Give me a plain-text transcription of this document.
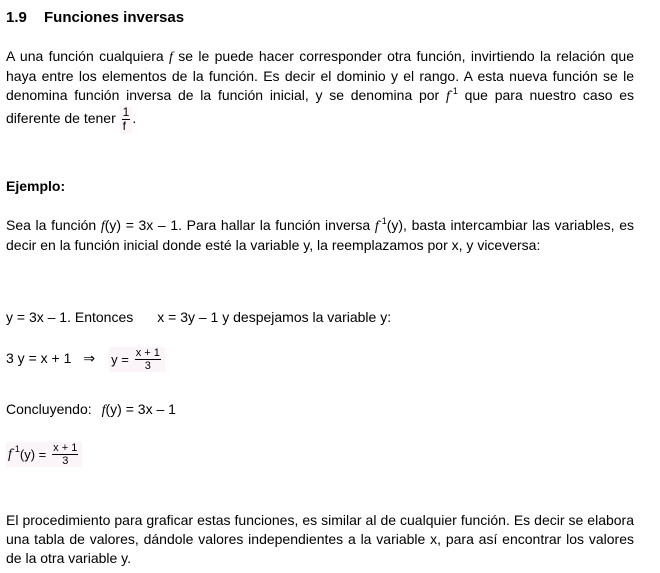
1.9 Funciones inversas
A una función cualquiera f se le puede hacer corresponder otra función, invirtiendo la relación que haya entre los elementos de la función. Es decir el dominio y el rango. A esta nueva función se le denomina función inversa de la función inicial, y se denomina por $f^{-1}$ que para nuestro caso es diferente de tener $\frac{1}{f}$ .
Ejemplo:
Sea la función f(y) = 3x – 1. Para hallar la función inversa $f^{-1}(y)$, basta intercambiar las variables, es decir en la función inicial donde esté la variable y, la reemplazamos por x, y viceversa:
y = 3x – 1. Entonces x = 3y – 1 y despejamos la variable y:
3 y = x + 1 ⇒ $y = \frac{x + 1}{3}$
Concluyendo: f(y) = 3x – 1
$f^{-1}(y) = \frac{x + 1}{3}$
El procedimiento para graficar estas funciones, es similar al de cualquier función. Es decir se elabora una tabla de valores, dándole valores independientes a la variable x, para así encontrar los valores de la otra variable y.
